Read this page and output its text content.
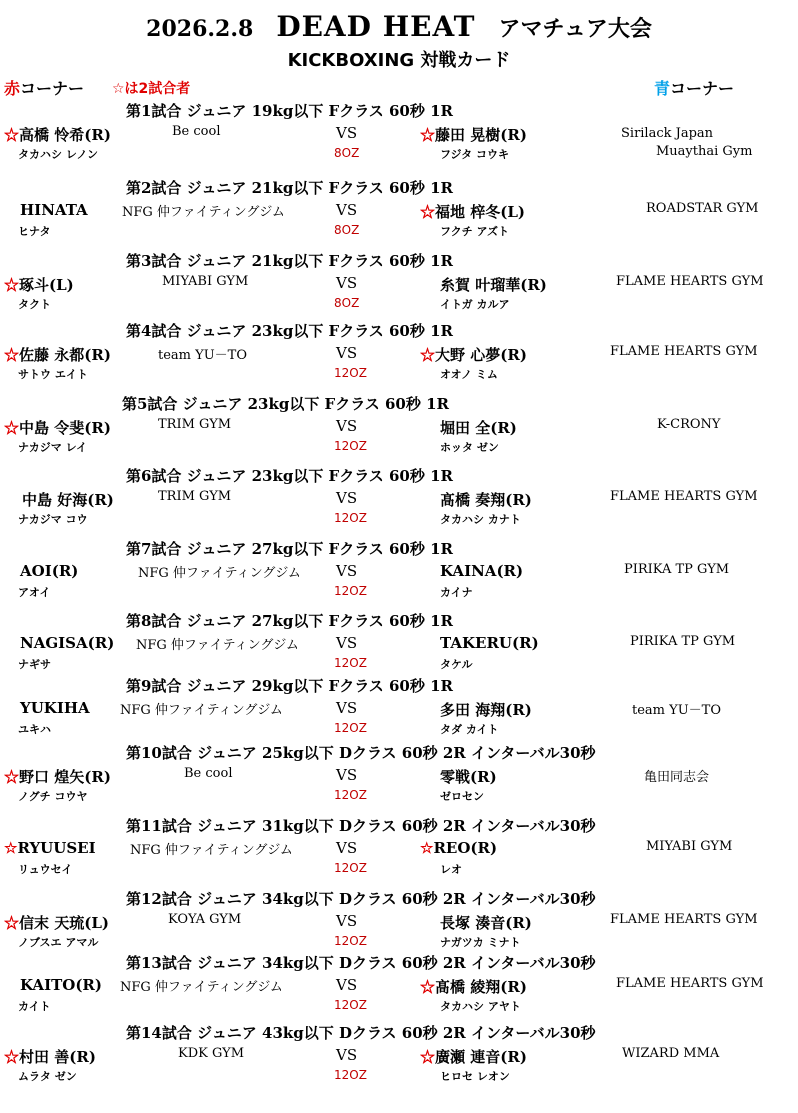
2026.2.8 DEAD HEAT アマチュア大会
KICKBOXING 対戦カード
赤コーナー ☆は2試合者	青コーナー
第1試合 ジュニア 19kg以下 Fクラス 60秒 1R
☆高橋 怜希(R)	Be cool	VS	☆藤田 晃樹(R)	Sirilack Japan
Muaythai Gym
タカハシ レノン	8OZ	フジタ コウキ
第2試合 ジュニア 21kg以下 Fクラス 60秒 1R
HINATA	NFG 仲ファイティングジム	VS	☆福地 梓冬(L)	ROADSTAR GYM
ヒナタ	8OZ	フクチ アズト
第3試合 ジュニア 21kg以下 Fクラス 60秒 1R
☆琢斗(L)	MIYABI GYM	VS	糸賀 叶瑠華(R)	FLAME HEARTS GYM
タクト	8OZ	イトガ カルア
第4試合 ジュニア 23kg以下 Fクラス 60秒 1R
☆佐藤 永都(R)	team YU－TO	VS	☆大野 心夢(R)	FLAME HEARTS GYM
サトウ エイト	12OZ	オオノ ミム
第5試合 ジュニア 23kg以下 Fクラス 60秒 1R
☆中島 令斐(R)	TRIM GYM	VS	堀田 全(R)	K-CRONY
ナカジマ レイ	12OZ	ホッタ ゼン
第6試合 ジュニア 23kg以下 Fクラス 60秒 1R
中島 好海(R)	TRIM GYM	VS	髙橋 奏翔(R)	FLAME HEARTS GYM
ナカジマ コウ	12OZ	タカハシ カナト
第7試合 ジュニア 27kg以下 Fクラス 60秒 1R
AOI(R)	NFG 仲ファイティングジム VS	KAINA(R)	PIRIKA TP GYM
アオイ	12OZ	カイナ
第8試合 ジュニア 27kg以下 Fクラス 60秒 1R
NAGISA(R) NFG 仲ファイティングジム VS	TAKERU(R)	PIRIKA TP GYM
ナギサ	12OZ	タケル
第9試合 ジュニア 29kg以下 Fクラス 60秒 1R
YUKIHA NFG 仲ファイティングジム	VS	多田 海翔(R)	team YU－TO
ユキハ	12OZ	タダ カイト
第10試合 ジュニア 25kg以下 Dクラス 60秒 2R インターバル30秒
☆野口 煌矢(R)	Be cool	VS	零戦(R)	亀田同志会
ノグチ コウヤ	12OZ	ゼロセン
第11試合 ジュニア 31kg以下 Dクラス 60秒 2R インターバル30秒
☆RYUUSEI	NFG 仲ファイティングジム	VS	☆REO(R)	MIYABI GYM
リュウセイ	12OZ	レオ
第12試合 ジュニア 34kg以下 Dクラス 60秒 2R インターバル30秒
☆信末 天琉(L)	KOYA GYM	VS	長塚 湊音(R)	FLAME HEARTS GYM
ノブスエ アマル	12OZ	ナガツカ ミナト
第13試合 ジュニア 34kg以下 Dクラス 60秒 2R インターバル30秒
KAITO(R) NFG 仲ファイティングジム	VS	☆髙橋 綾翔(R)	FLAME HEARTS GYM
カイト	12OZ	タカハシ アヤト
第14試合 ジュニア 43kg以下 Dクラス 60秒 2R インターバル30秒
☆村田 善(R)	KDK GYM	VS	☆廣瀬 連音(R)	WIZARD MMA
ムラタ ゼン	12OZ	ヒロセ レオン
